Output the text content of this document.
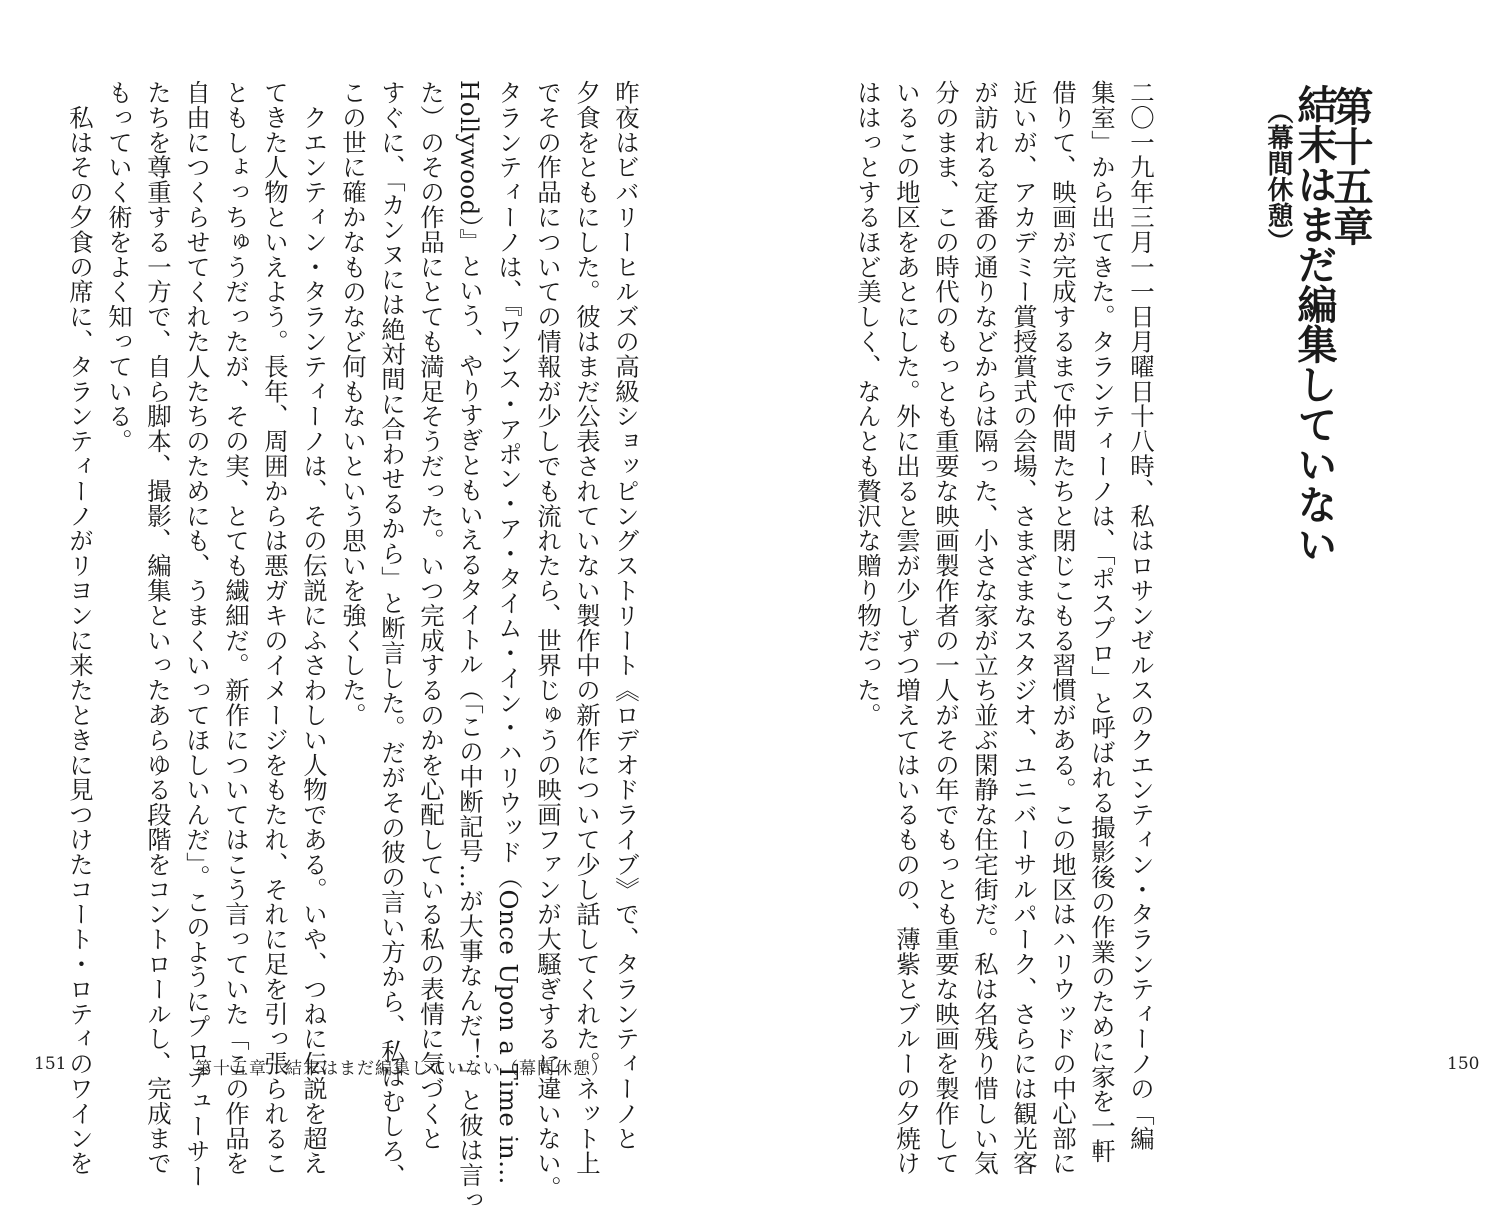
第十五章
結末はまだ編集していない
（幕間休憩）
二〇一九年三月一一日月曜日十八時、私はロサンゼルスのクエンティン・タランティーノの「編
集室」から出てきた。タランティーノは、「ポスプロ」と呼ばれる撮影後の作業のために家を一軒
借りて、映画が完成するまで仲間たちと閉じこもる習慣がある。この地区はハリウッドの中心部に
近いが、アカデミー賞授賞式の会場、さまざまなスタジオ、ユニバーサルパーク、さらには観光客
が訪れる定番の通りなどからは隔った、小さな家が立ち並ぶ閑静な住宅街だ。私は名残り惜しい気
分のまま、この時代のもっとも重要な映画製作者の一人がその年でもっとも重要な映画を製作して
いるこの地区をあとにした。外に出ると雲が少しずつ増えてはいるものの、薄紫とブルーの夕焼け
ははっとするほど美しく、なんとも贅沢な贈り物だった。
昨夜はビバリーヒルズの高級ショッピングストリート《ロデオドライブ》で、タランティーノと
夕食をともにした。彼はまだ公表されていない製作中の新作について少し話してくれた。ネット上
でその作品についての情報が少しでも流れたら、世界じゅうの映画ファンが大騒ぎするに違いない。
タランティーノは、『ワンス・アポン・ア・タイム・イン・ハリウッド（Once Upon a Time in…
Hollywood）』という、やりすぎともいえるタイトル（「この中断記号…が大事なんだ！」と彼は言っ
た）のその作品にとても満足そうだった。いつ完成するのかを心配している私の表情に気づくと
すぐに、「カンヌには絶対間に合わせるから」と断言した。だがその彼の言い方から、私はむしろ、
この世に確かなものなど何もないという思いを強くした。
　クエンティン・タランティーノは、その伝説にふさわしい人物である。いや、つねに伝説を超え
てきた人物といえよう。長年、周囲からは悪ガキのイメージをもたれ、それに足を引っ張られるこ
ともしょっちゅうだったが、その実、とても繊細だ。新作についてはこう言っていた「この作品を
自由につくらせてくれた人たちのためにも、うまくいってほしいんだ」。このようにプロデューサー
たちを尊重する一方で、自ら脚本、撮影、編集といったあらゆる段階をコントロールし、完成まで
もっていく術をよく知っている。
　私はその夕食の席に、タランティーノがリヨンに来たときに見つけたコート・ロティのワインを
151	第十五章　結末はまだ編集していない（幕間休憩）	150
